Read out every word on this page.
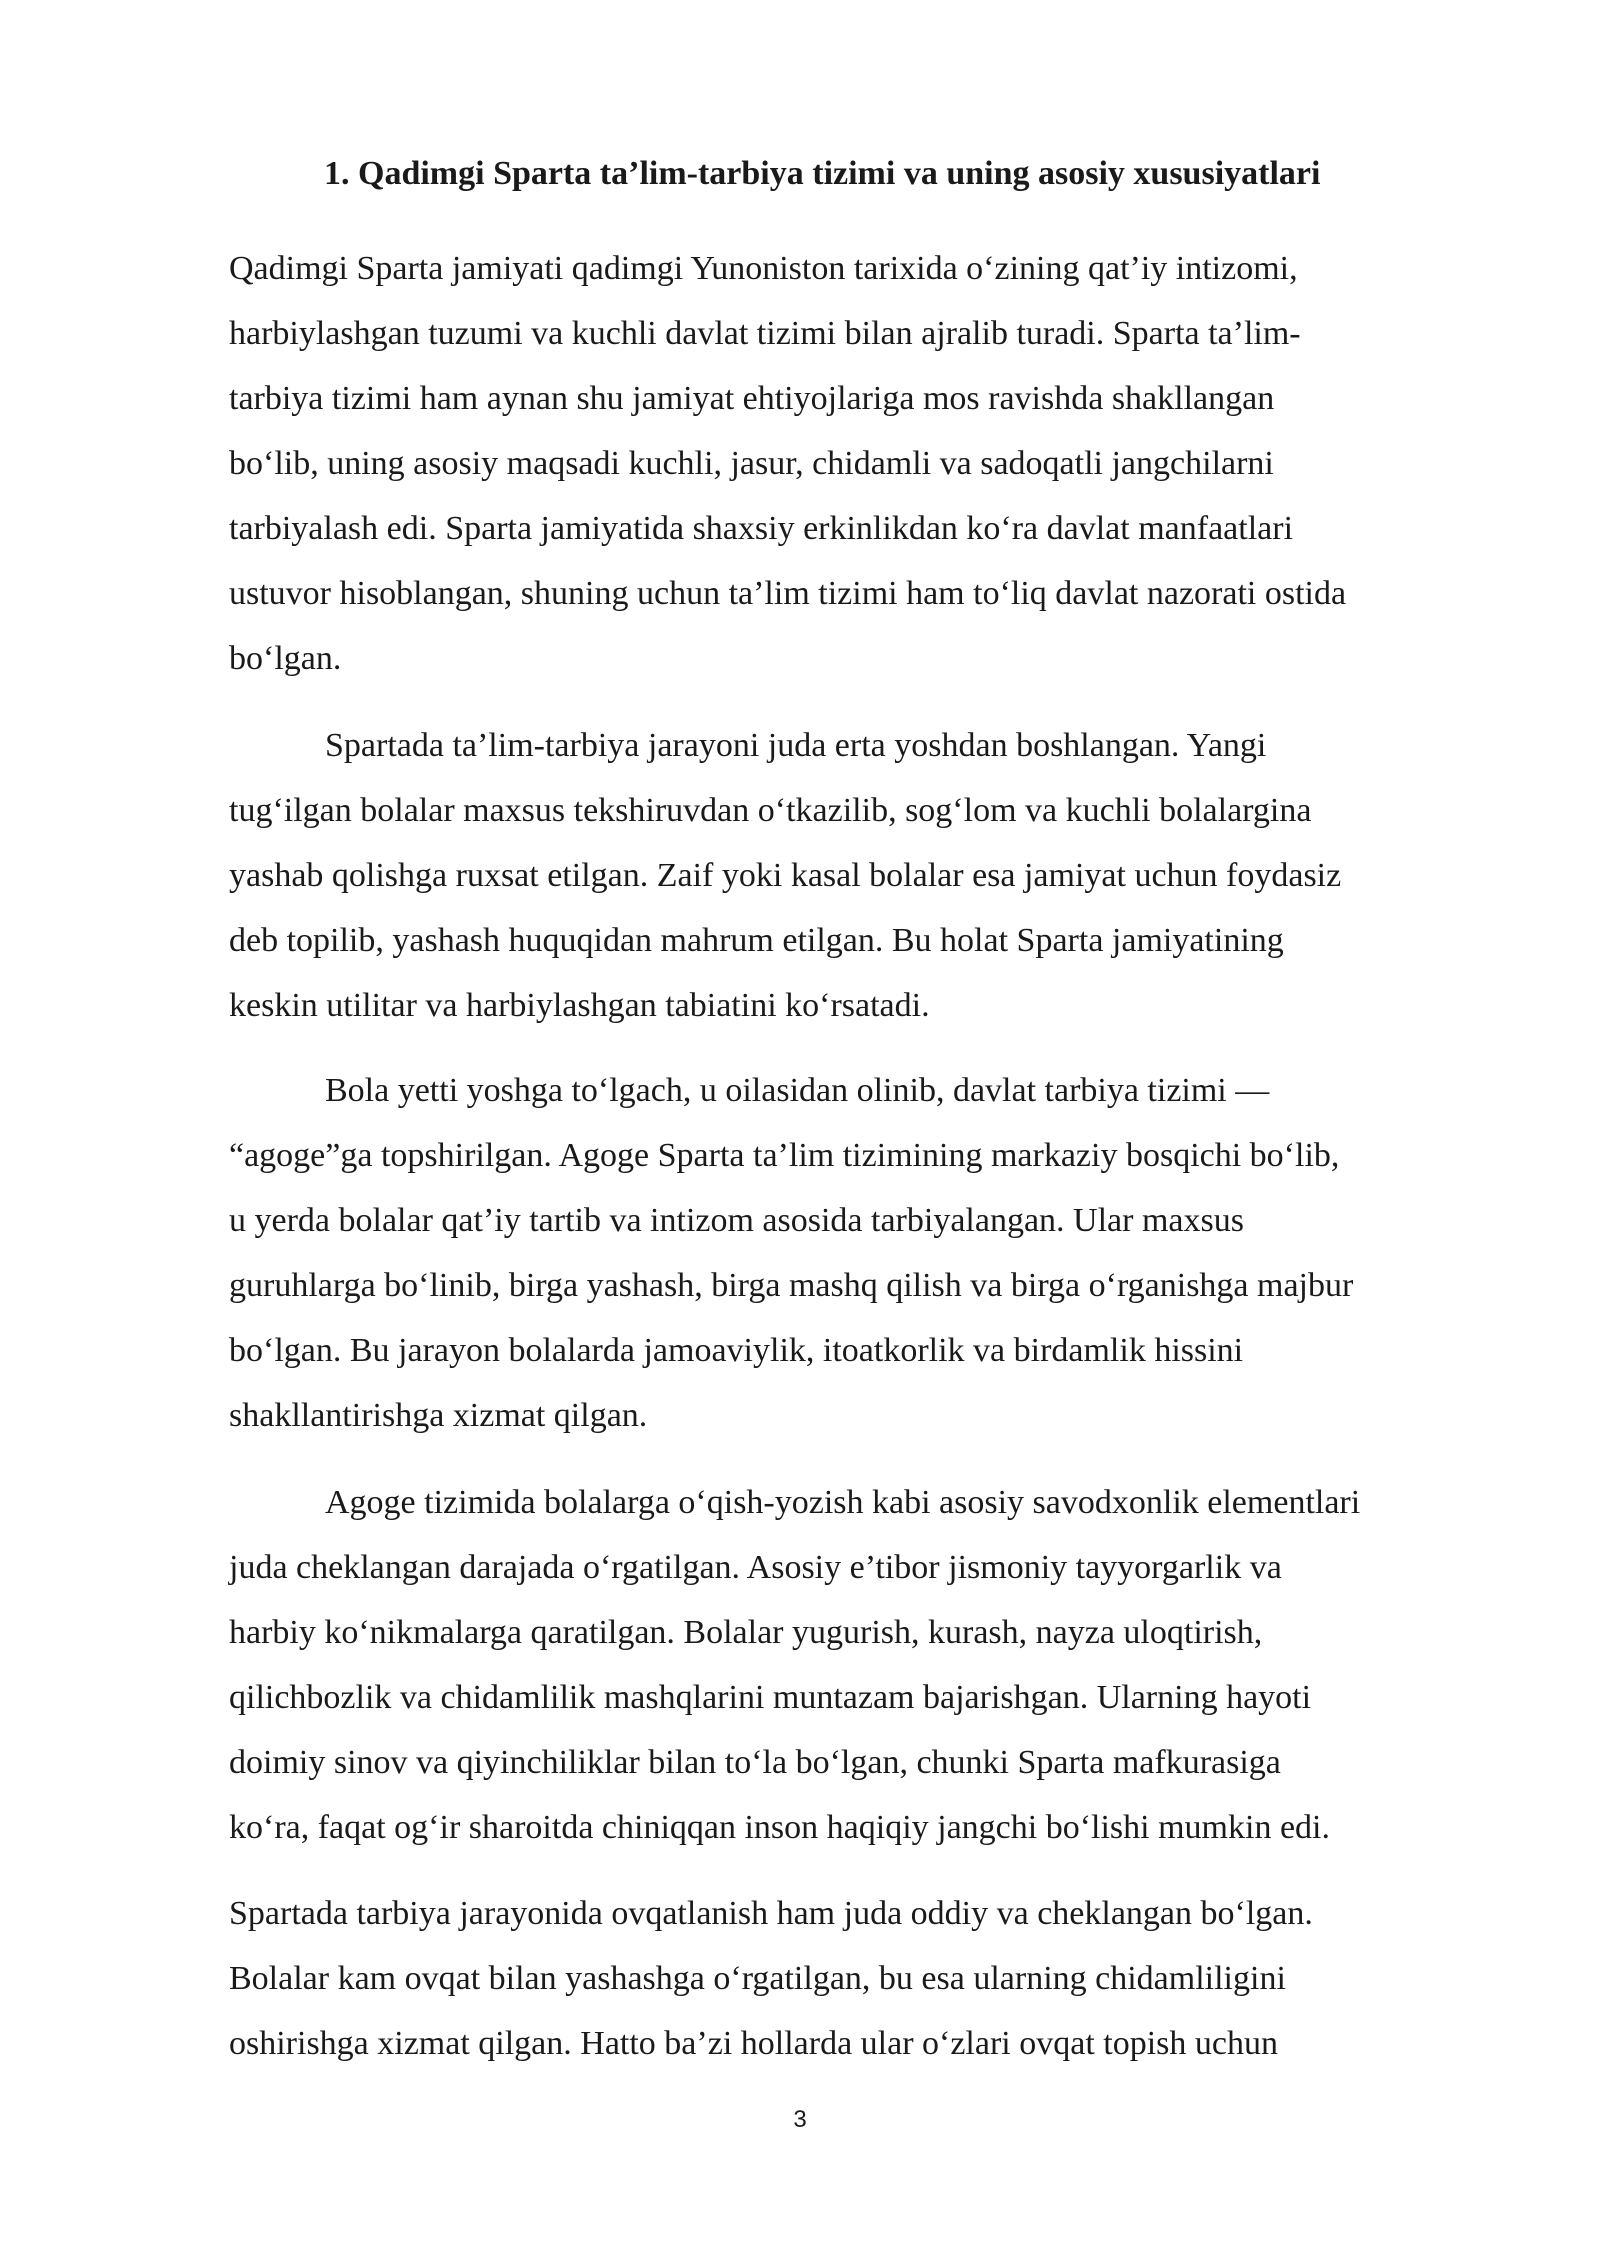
1. Qadimgi Sparta ta’lim-tarbiya tizimi va uning asosiy xususiyatlari

Qadimgi Sparta jamiyati qadimgi Yunoniston tarixida oʻzining qat’iy intizomi,
harbiylashgan tuzumi va kuchli davlat tizimi bilan ajralib turadi. Sparta ta’lim-
tarbiya tizimi ham aynan shu jamiyat ehtiyojlariga mos ravishda shakllangan
boʻlib, uning asosiy maqsadi kuchli, jasur, chidamli va sadoqatli jangchilarni
tarbiyalash edi. Sparta jamiyatida shaxsiy erkinlikdan koʻra davlat manfaatlari
ustuvor hisoblangan, shuning uchun ta’lim tizimi ham toʻliq davlat nazorati ostida
boʻlgan.

Spartada ta’lim-tarbiya jarayoni juda erta yoshdan boshlangan. Yangi
tugʻilgan bolalar maxsus tekshiruvdan oʻtkazilib, sogʻlom va kuchli bolalargina
yashab qolishga ruxsat etilgan. Zaif yoki kasal bolalar esa jamiyat uchun foydasiz
deb topilib, yashash huquqidan mahrum etilgan. Bu holat Sparta jamiyatining
keskin utilitar va harbiylashgan tabiatini koʻrsatadi.

Bola yetti yoshga toʻlgach, u oilasidan olinib, davlat tarbiya tizimi —
“agoge”ga topshirilgan. Agoge Sparta ta’lim tizimining markaziy bosqichi boʻlib,
u yerda bolalar qat’iy tartib va intizom asosida tarbiyalangan. Ular maxsus
guruhlarga boʻlinib, birga yashash, birga mashq qilish va birga oʻrganishga majbur
boʻlgan. Bu jarayon bolalarda jamoaviylik, itoatkorlik va birdamlik hissini
shakllantirishga xizmat qilgan.

Agoge tizimida bolalarga oʻqish-yozish kabi asosiy savodxonlik elementlari
juda cheklangan darajada oʻrgatilgan. Asosiy e’tibor jismoniy tayyorgarlik va
harbiy koʻnikmalarga qaratilgan. Bolalar yugurish, kurash, nayza uloqtirish,
qilichbozlik va chidamlilik mashqlarini muntazam bajarishgan. Ularning hayoti
doimiy sinov va qiyinchiliklar bilan toʻla boʻlgan, chunki Sparta mafkurasiga
koʻra, faqat ogʻir sharoitda chiniqqan inson haqiqiy jangchi boʻlishi mumkin edi.

Spartada tarbiya jarayonida ovqatlanish ham juda oddiy va cheklangan boʻlgan.
Bolalar kam ovqat bilan yashashga oʻrgatilgan, bu esa ularning chidamliligini
oshirishga xizmat qilgan. Hatto ba’zi hollarda ular oʻzlari ovqat topish uchun

3
